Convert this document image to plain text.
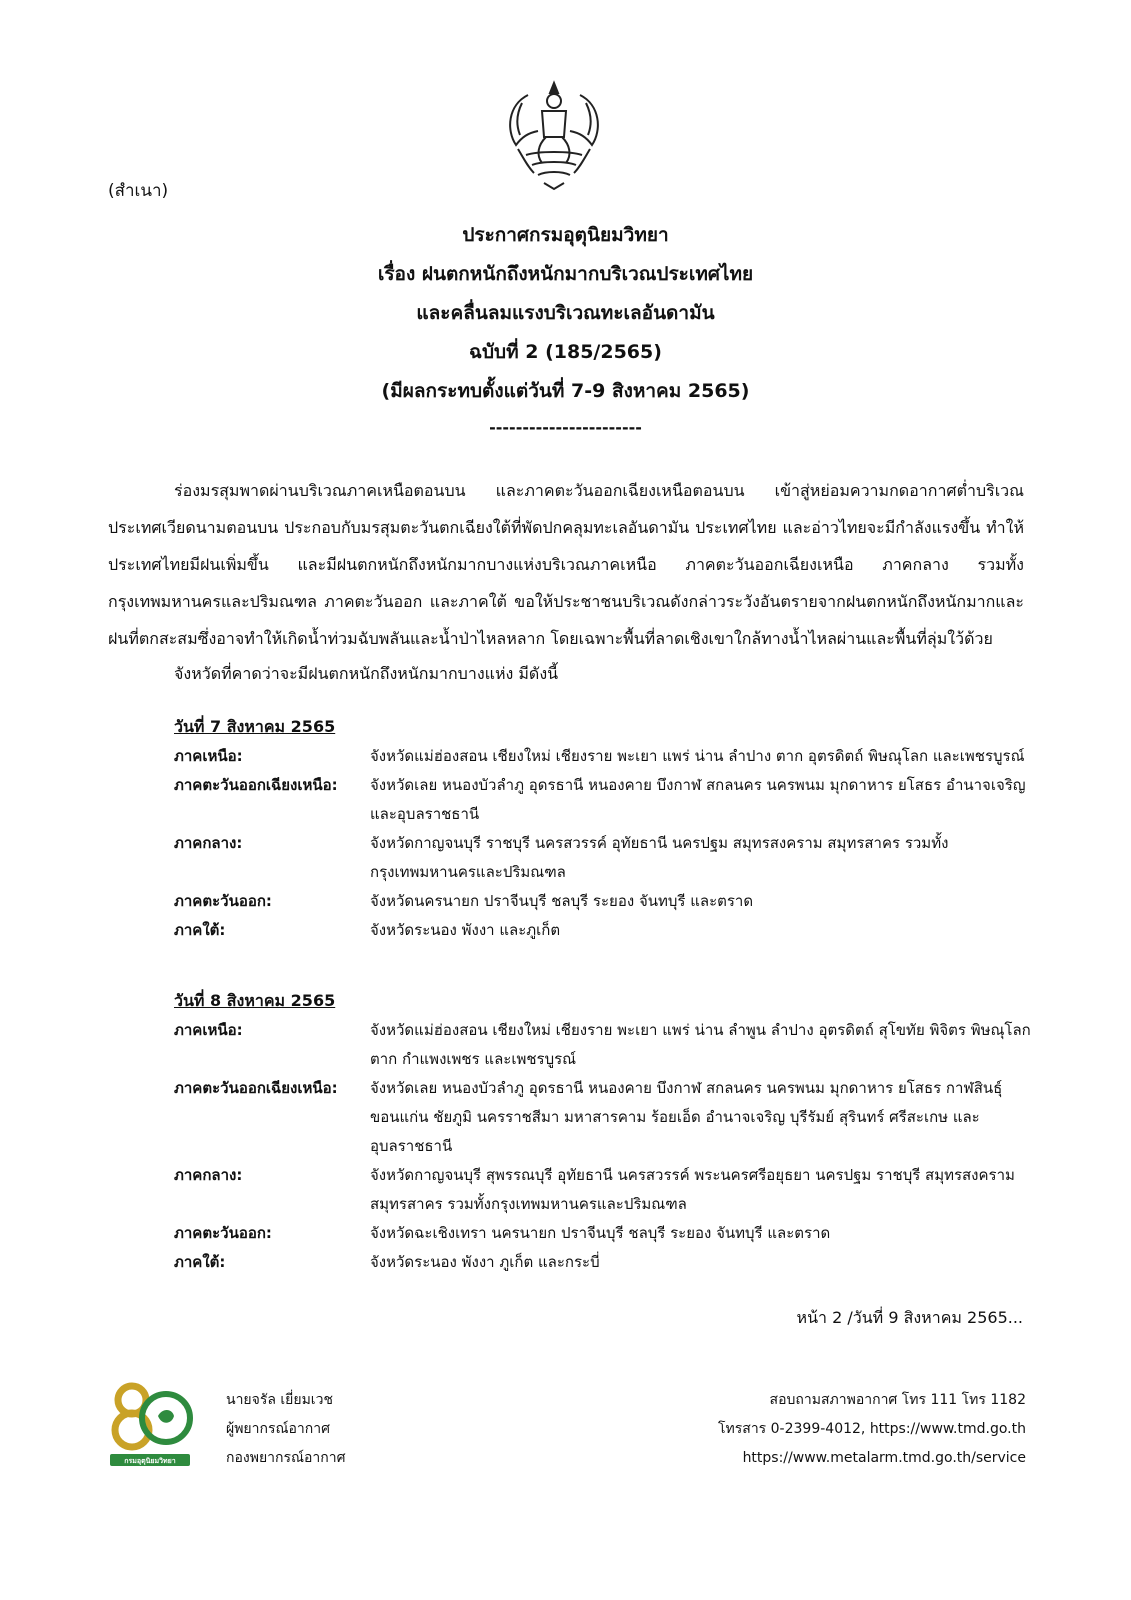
(สำเนา)
ประกาศกรมอุตุนิยมวิทยา
เรื่อง ฝนตกหนักถึงหนักมากบริเวณประเทศไทย
และคลื่นลมแรงบริเวณทะเลอันดามัน
ฉบับที่ 2 (185/2565)
(มีผลกระทบตั้งแต่วันที่ 7-9 สิงหาคม 2565)
-----------------------
ร่องมรสุมพาดผ่านบริเวณภาคเหนือตอนบน และภาคตะวันออกเฉียงเหนือตอนบน เข้าสู่หย่อมความกดอากาศต่ำบริเวณประเทศเวียดนามตอนบน ประกอบกับมรสุมตะวันตกเฉียงใต้ที่พัดปกคลุมทะเลอันดามัน ประเทศไทย และอ่าวไทยจะมีกำลังแรงขึ้น ทำให้ประเทศไทยมีฝนเพิ่มขึ้น และมีฝนตกหนักถึงหนักมากบางแห่งบริเวณภาคเหนือ ภาคตะวันออกเฉียงเหนือ ภาคกลาง รวมทั้งกรุงเทพมหานครและปริมณฑล ภาคตะวันออก และภาคใต้ ขอให้ประชาชนบริเวณดังกล่าวระวังอันตรายจากฝนตกหนักถึงหนักมากและฝนที่ตกสะสมซึ่งอาจทำให้เกิดน้ำท่วมฉับพลันและน้ำป่าไหลหลาก โดยเฉพาะพื้นที่ลาดเชิงเขาใกล้ทางน้ำไหลผ่านและพื้นที่ลุ่มใว้ด้วย
จังหวัดที่คาดว่าจะมีฝนตกหนักถึงหนักมากบางแห่ง มีดังนี้
วันที่ 7 สิงหาคม 2565
ภาคเหนือ:	จังหวัดแม่ฮ่องสอน เชียงใหม่ เชียงราย พะเยา แพร่ น่าน ลำปาง ตาก อุตรดิตถ์ พิษณุโลก และเพชรบูรณ์
ภาคตะวันออกเฉียงเหนือ:	จังหวัดเลย หนองบัวลำภู อุดรธานี หนองคาย บึงกาฬ สกลนคร นครพนม มุกดาหาร ยโสธร อำนาจเจริญ และอุบลราชธานี
ภาคกลาง:	จังหวัดกาญจนบุรี ราชบุรี นครสวรรค์ อุทัยธานี นครปฐม สมุทรสงคราม สมุทรสาคร รวมทั้งกรุงเทพมหานครและปริมณฑล
ภาคตะวันออก:	จังหวัดนครนายก ปราจีนบุรี ชลบุรี ระยอง จันทบุรี และตราด
ภาคใต้:	จังหวัดระนอง พังงา และภูเก็ต
วันที่ 8 สิงหาคม 2565
ภาคเหนือ:	จังหวัดแม่ฮ่องสอน เชียงใหม่ เชียงราย พะเยา แพร่ น่าน ลำพูน ลำปาง อุตรดิตถ์ สุโขทัย พิจิตร พิษณุโลก ตาก กำแพงเพชร และเพชรบูรณ์
ภาคตะวันออกเฉียงเหนือ:	จังหวัดเลย หนองบัวลำภู อุดรธานี หนองคาย บึงกาฬ สกลนคร นครพนม มุกดาหาร ยโสธร กาฬสินธุ์ ขอนแก่น ชัยภูมิ นครราชสีมา มหาสารคาม ร้อยเอ็ด อำนาจเจริญ บุรีรัมย์ สุรินทร์ ศรีสะเกษ และอุบลราชธานี
ภาคกลาง:	จังหวัดกาญจนบุรี สุพรรณบุรี อุทัยธานี นครสวรรค์ พระนครศรีอยุธยา นครปฐม ราชบุรี สมุทรสงคราม สมุทรสาคร รวมทั้งกรุงเทพมหานครและปริมณฑล
ภาคตะวันออก:	จังหวัดฉะเชิงเทรา นครนายก ปราจีนบุรี ชลบุรี ระยอง จันทบุรี และตราด
ภาคใต้:	จังหวัดระนอง พังงา ภูเก็ต และกระบี่
หน้า 2 /วันที่ 9 สิงหาคม 2565...
กรมอุตุนิยมวิทยา
นายจรัล เยี่ยมเวช
ผู้พยากรณ์อากาศ
กองพยากรณ์อากาศ
สอบถามสภาพอากาศ โทร 111 โทร 1182
โทรสาร 0-2399-4012, https://www.tmd.go.th
https://www.metalarm.tmd.go.th/service
